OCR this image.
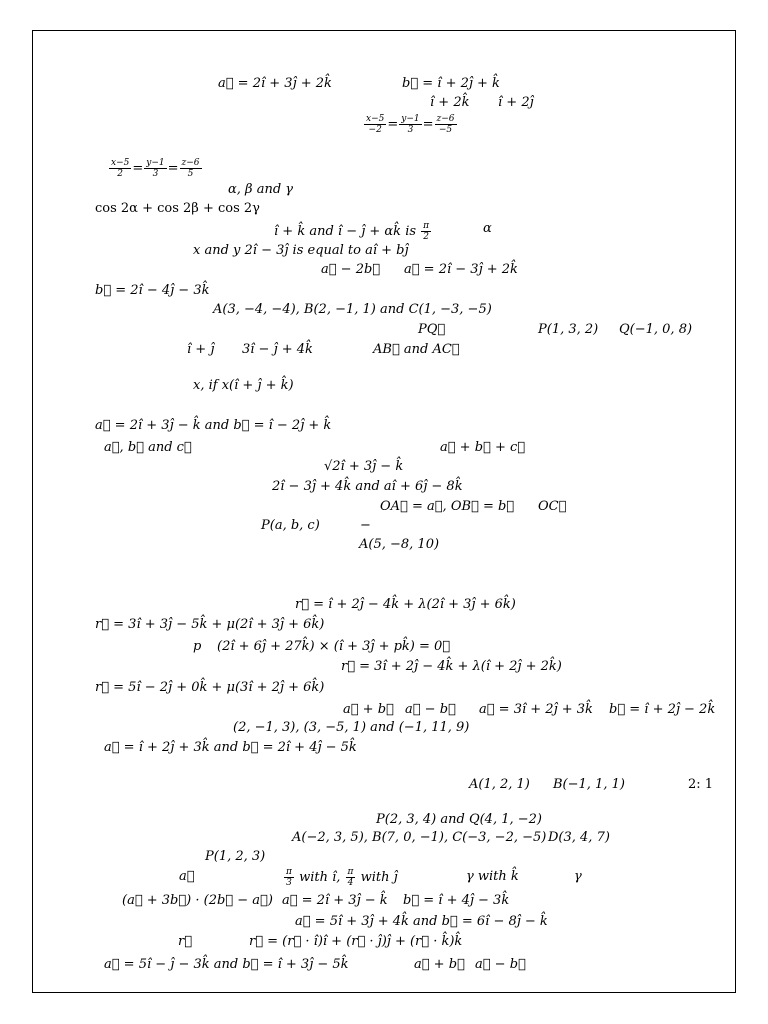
a⃗ = 2î + 3ĵ + 2k̂	b⃗ = î + 2ĵ + k̂
î + 2k̂ î + 2ĵ
$\frac{x-5}{-2} = \frac{y-1}{3} = \frac{z-6}{-5}$
$\frac{x-5}{2} = \frac{y-1}{3} = \frac{z-6}{5}$
α, β and γ
cos 2α + cos 2β + cos 2γ
î + k̂ and î − ĵ + αk̂ is $\frac{\pi}{2}$	α
x and y 2î − 3ĵ is equal to aî + bĵ
a⃗ − 2b⃗ a⃗ = 2î − 3ĵ + 2k̂
b⃗ = 2î − 4ĵ − 3k̂
A(3, −4, −4), B(2, −1, 1) and C(1, −3, −5)
PQ⃗	P(1, 3, 2) Q(−1, 0, 8)
î + ĵ 3î − ĵ + 4k̂	AB⃗ and AC⃗
x, if x(î + ĵ + k̂)
a⃗ = 2î + 3ĵ − k̂ and b⃗ = î − 2ĵ + k̂
a⃗, b⃗ and c⃗	a⃗ + b⃗ + c⃗
√2î + 3ĵ − k̂
2î − 3ĵ + 4k̂ and aî + 6ĵ − 8k̂
OA⃗ = a⃗, OB⃗ = b⃗ OC⃗
P(a, b, c)	−
A(5, −8, 10)
r⃗ = î + 2ĵ − 4k̂ + λ(2î + 3ĵ + 6k̂)
r⃗ = 3î + 3ĵ − 5k̂ + μ(2î + 3ĵ + 6k̂)
p (2î + 6ĵ + 27k̂) × (î + 3ĵ + pk̂) = 0⃗
r⃗ = 3î + 2ĵ − 4k̂ + λ(î + 2ĵ + 2k̂)
r⃗ = 5î − 2ĵ + 0k̂ + μ(3î + 2ĵ + 6k̂)
a⃗ + b⃗ a⃗ − b⃗ a⃗ = 3î + 2ĵ + 3k̂ b⃗ = î + 2ĵ − 2k̂
(2, −1, 3), (3, −5, 1) and (−1, 11, 9)
a⃗ = î + 2ĵ + 3k̂ and b⃗ = 2î + 4ĵ − 5k̂
A(1, 2, 1) B(−1, 1, 1)	2: 1
P(2, 3, 4) and Q(4, 1, −2)
A(−2, 3, 5), B(7, 0, −1), C(−3, −2, −5) D(3, 4, 7)
P(1, 2, 3)
a⃗	$\frac{\pi}{3}$ with î, $\frac{\pi}{4}$ with ĵ	γ with k̂	γ
(a⃗ + 3b⃗) · (2b⃗ − a⃗) a⃗ = 2î + 3ĵ − k̂ b⃗ = î + 4ĵ − 3k̂
a⃗ = 5î + 3ĵ + 4k̂ and b⃗ = 6î − 8ĵ − k̂
r⃗	r⃗ = (r⃗ · î)î + (r⃗ · ĵ)ĵ + (r⃗ · k̂)k̂
a⃗ = 5î − ĵ − 3k̂ and b⃗ = î + 3ĵ − 5k̂	a⃗ + b⃗ a⃗ − b⃗
